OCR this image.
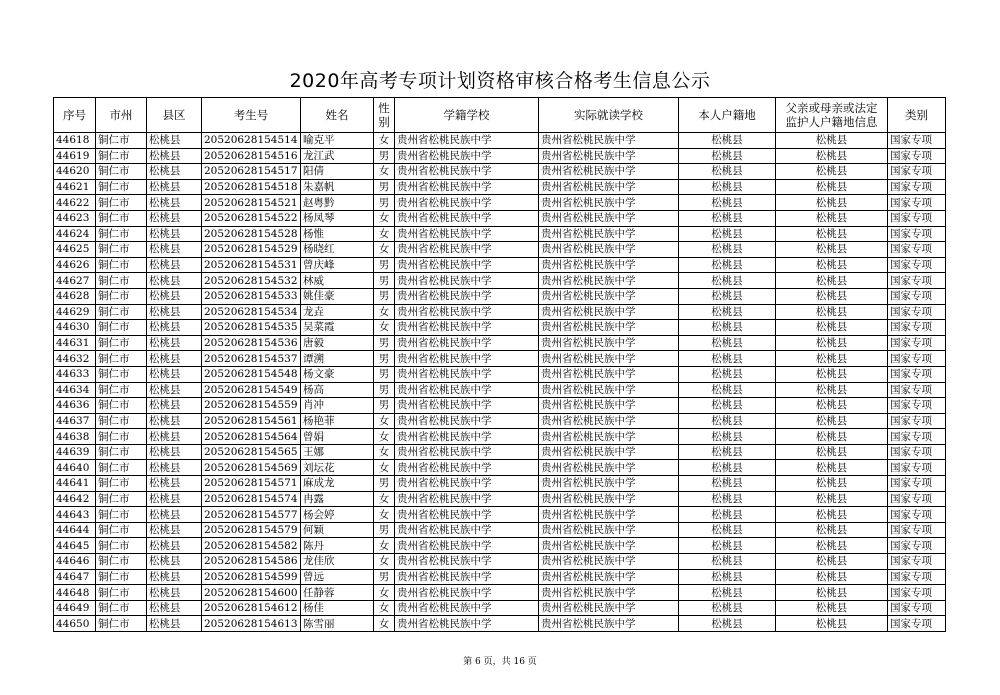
2020年高考专项计划资格审核合格考生信息公示
序号	市州	县区	考生号	姓名	性别	学籍学校	实际就读学校	本人户籍地	父亲或母亲或法定监护人户籍地信息	类别
44618	铜仁市	松桃县	20520628154514	喻克平	女	贵州省松桃民族中学	贵州省松桃民族中学	松桃县	松桃县	国家专项
44619	铜仁市	松桃县	20520628154516	龙江武	男	贵州省松桃民族中学	贵州省松桃民族中学	松桃县	松桃县	国家专项
44620	铜仁市	松桃县	20520628154517	阳倩	女	贵州省松桃民族中学	贵州省松桃民族中学	松桃县	松桃县	国家专项
44621	铜仁市	松桃县	20520628154518	朱嘉帆	男	贵州省松桃民族中学	贵州省松桃民族中学	松桃县	松桃县	国家专项
44622	铜仁市	松桃县	20520628154521	赵粤黔	男	贵州省松桃民族中学	贵州省松桃民族中学	松桃县	松桃县	国家专项
44623	铜仁市	松桃县	20520628154522	杨凤琴	女	贵州省松桃民族中学	贵州省松桃民族中学	松桃县	松桃县	国家专项
44624	铜仁市	松桃县	20520628154528	杨惟	女	贵州省松桃民族中学	贵州省松桃民族中学	松桃县	松桃县	国家专项
44625	铜仁市	松桃县	20520628154529	杨晓红	女	贵州省松桃民族中学	贵州省松桃民族中学	松桃县	松桃县	国家专项
44626	铜仁市	松桃县	20520628154531	曾庆峰	男	贵州省松桃民族中学	贵州省松桃民族中学	松桃县	松桃县	国家专项
44627	铜仁市	松桃县	20520628154532	林威	男	贵州省松桃民族中学	贵州省松桃民族中学	松桃县	松桃县	国家专项
44628	铜仁市	松桃县	20520628154533	姚佳豪	男	贵州省松桃民族中学	贵州省松桃民族中学	松桃县	松桃县	国家专项
44629	铜仁市	松桃县	20520628154534	龙垚	女	贵州省松桃民族中学	贵州省松桃民族中学	松桃县	松桃县	国家专项
44630	铜仁市	松桃县	20520628154535	吴菜霞	女	贵州省松桃民族中学	贵州省松桃民族中学	松桃县	松桃县	国家专项
44631	铜仁市	松桃县	20520628154536	唐毅	男	贵州省松桃民族中学	贵州省松桃民族中学	松桃县	松桃县	国家专项
44632	铜仁市	松桃县	20520628154537	谭溯	男	贵州省松桃民族中学	贵州省松桃民族中学	松桃县	松桃县	国家专项
44633	铜仁市	松桃县	20520628154548	杨文豪	男	贵州省松桃民族中学	贵州省松桃民族中学	松桃县	松桃县	国家专项
44634	铜仁市	松桃县	20520628154549	杨高	男	贵州省松桃民族中学	贵州省松桃民族中学	松桃县	松桃县	国家专项
44636	铜仁市	松桃县	20520628154559	肖冲	男	贵州省松桃民族中学	贵州省松桃民族中学	松桃县	松桃县	国家专项
44637	铜仁市	松桃县	20520628154561	杨艳菲	女	贵州省松桃民族中学	贵州省松桃民族中学	松桃县	松桃县	国家专项
44638	铜仁市	松桃县	20520628154564	曾娟	女	贵州省松桃民族中学	贵州省松桃民族中学	松桃县	松桃县	国家专项
44639	铜仁市	松桃县	20520628154565	王娜	女	贵州省松桃民族中学	贵州省松桃民族中学	松桃县	松桃县	国家专项
44640	铜仁市	松桃县	20520628154569	刘坛花	女	贵州省松桃民族中学	贵州省松桃民族中学	松桃县	松桃县	国家专项
44641	铜仁市	松桃县	20520628154571	麻成龙	男	贵州省松桃民族中学	贵州省松桃民族中学	松桃县	松桃县	国家专项
44642	铜仁市	松桃县	20520628154574	冉露	女	贵州省松桃民族中学	贵州省松桃民族中学	松桃县	松桃县	国家专项
44643	铜仁市	松桃县	20520628154577	杨会婷	女	贵州省松桃民族中学	贵州省松桃民族中学	松桃县	松桃县	国家专项
44644	铜仁市	松桃县	20520628154579	何颖	男	贵州省松桃民族中学	贵州省松桃民族中学	松桃县	松桃县	国家专项
44645	铜仁市	松桃县	20520628154582	陈丹	女	贵州省松桃民族中学	贵州省松桃民族中学	松桃县	松桃县	国家专项
44646	铜仁市	松桃县	20520628154586	龙佳欣	女	贵州省松桃民族中学	贵州省松桃民族中学	松桃县	松桃县	国家专项
44647	铜仁市	松桃县	20520628154599	曾远	男	贵州省松桃民族中学	贵州省松桃民族中学	松桃县	松桃县	国家专项
44648	铜仁市	松桃县	20520628154600	任静蓉	女	贵州省松桃民族中学	贵州省松桃民族中学	松桃县	松桃县	国家专项
44649	铜仁市	松桃县	20520628154612	杨佳	女	贵州省松桃民族中学	贵州省松桃民族中学	松桃县	松桃县	国家专项
44650	铜仁市	松桃县	20520628154613	陈雪丽	女	贵州省松桃民族中学	贵州省松桃民族中学	松桃县	松桃县	国家专项
第 6 页，共 16 页
